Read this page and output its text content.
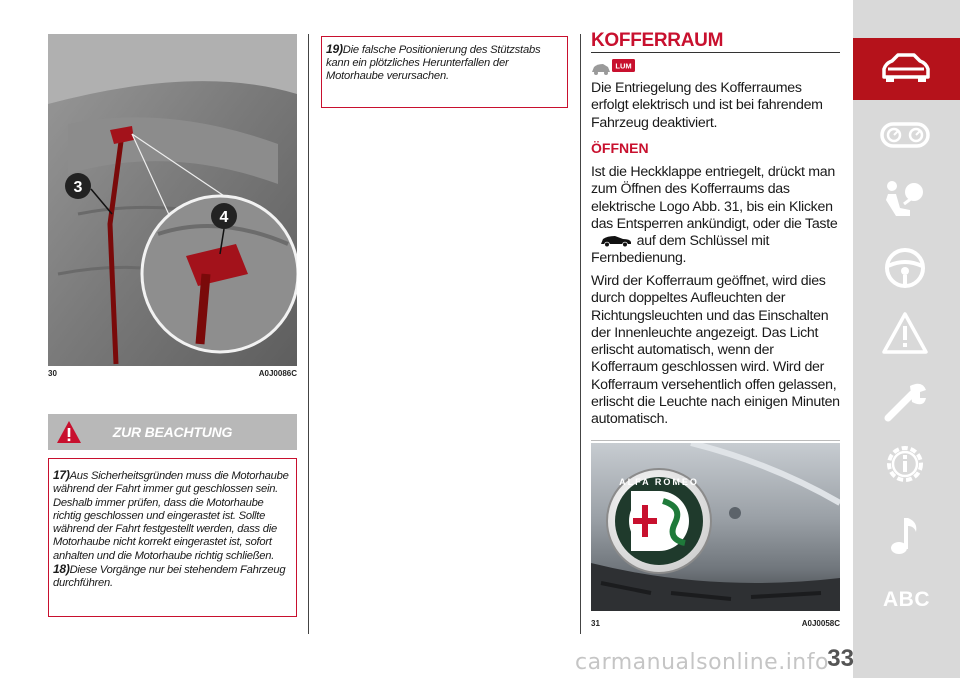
3
4
30	A0J0086C
ZUR BEACHTUNG

17)Aus Sicherheitsgründen muss die Motorhaube während der Fahrt immer gut geschlossen sein. Deshalb immer prüfen, dass die Motorhaube richtig geschlossen und eingerastet ist. Sollte während der Fahrt festgestellt werden, dass die Motorhaube nicht korrekt eingerastet ist, sofort anhalten und die Motorhaube richtig schließen.

18)Diese Vorgänge nur bei stehendem Fahrzeug durchführen.

19)Die falsche Positionierung des Stützstabs kann ein plötzliches Herunterfallen der Motorhaube verursachen.
KOFFERRAUM
LUM
Die Entriegelung des Kofferraumes erfolgt elektrisch und ist bei fahrendem Fahrzeug deaktiviert.
ÖFFNEN
Ist die Heckklappe entriegelt, drückt man zum Öffnen des Kofferraums das elektrische Logo Abb. 31, bis ein Klicken das Entsperren ankündigt, oder die Taste
auf dem Schlüssel mit Fernbedienung.
Wird der Kofferraum geöffnet, wird dies durch doppeltes Aufleuchten der Richtungsleuchten und das Einschalten der Innenleuchte angezeigt. Das Licht erlischt automatisch, wenn der Kofferraum geschlossen wird. Wird der Kofferraum versehentlich offen gelassen, erlischt die Leuchte nach einigen Minuten automatisch.
ALFA ROMEO
31	A0J0058C
ABC
carmanualsonline.info
33
